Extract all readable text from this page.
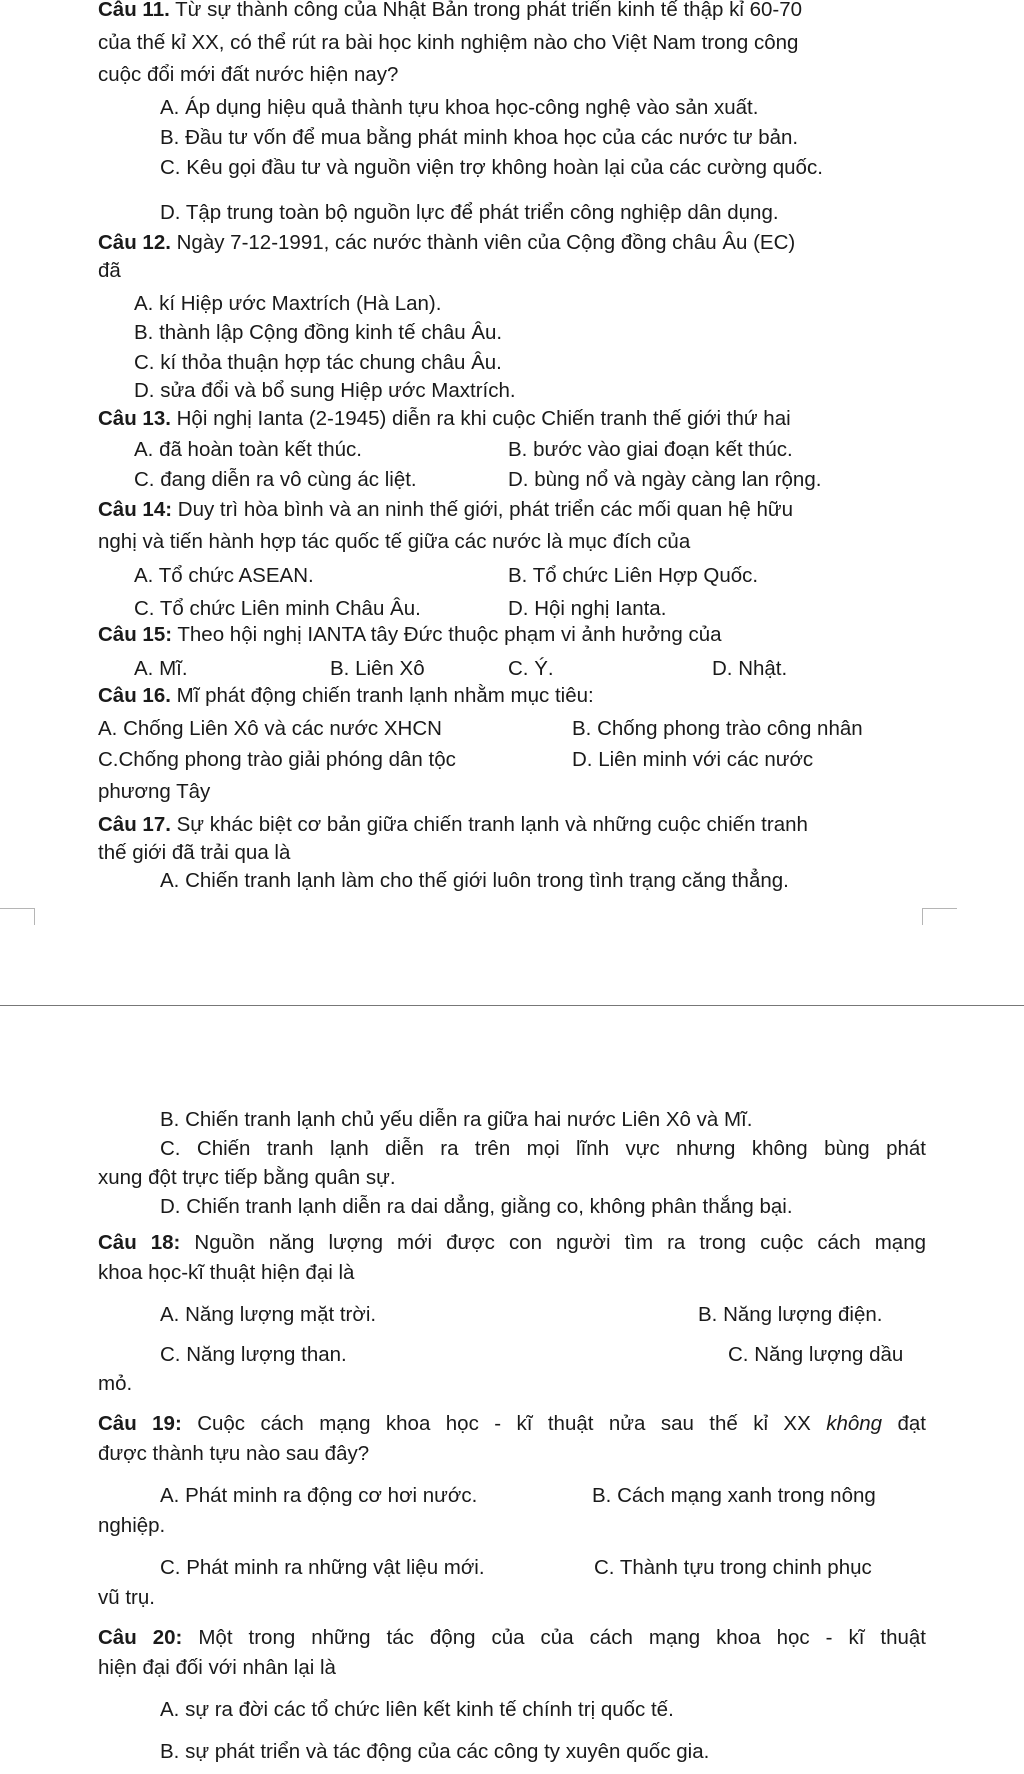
Câu 11. Từ sự thành công của Nhật Bản trong phát triển kinh tế thập kỉ 60-70
của thế kỉ XX, có thể rút ra bài học kinh nghiệm nào cho Việt Nam trong công
cuộc đổi mới đất nước hiện nay?
A. Áp dụng hiệu quả thành tựu khoa học-công nghệ vào sản xuất.
B. Đầu tư vốn để mua bằng phát minh khoa học của các nước tư bản.
C. Kêu gọi đầu tư và nguồn viện trợ không hoàn lại của các cường quốc.
D. Tập trung toàn bộ nguồn lực để phát triển công nghiệp dân dụng.
Câu 12. Ngày 7-12-1991, các nước thành viên của Cộng đồng châu Âu (EC)
đã
A. kí Hiệp ước Maxtrích (Hà Lan).
B. thành lập Cộng đồng kinh tế châu Âu.
C. kí thỏa thuận hợp tác chung châu Âu.
D. sửa đổi và bổ sung Hiệp ước Maxtrích.
Câu 13. Hội nghị Ianta (2-1945) diễn ra khi cuộc Chiến tranh thế giới thứ hai
A. đã hoàn toàn kết thúc.	B. bước vào giai đoạn kết thúc.
C. đang diễn ra vô cùng ác liệt.	D. bùng nổ và ngày càng lan rộng.
Câu 14: Duy trì hòa bình và an ninh thế giới, phát triển các mối quan hệ hữu
nghị và tiến hành hợp tác quốc tế giữa các nước là mục đích của
A. Tổ chức ASEAN.	B. Tổ chức Liên Hợp Quốc.
C. Tổ chức Liên minh Châu Âu.	D. Hội nghị Ianta.
Câu 15: Theo hội nghị IANTA tây Đức thuộc phạm vi ảnh hưởng của
A. Mĩ.	B. Liên Xô	C. Ý.	D. Nhật.
Câu 16. Mĩ phát động chiến tranh lạnh nhằm mục tiêu:
A. Chống Liên Xô và các nước XHCN	B. Chống phong trào công nhân
C.Chống phong trào giải phóng dân tộc	D. Liên minh với các nước
phương Tây
Câu 17. Sự khác biệt cơ bản giữa chiến tranh lạnh và những cuộc chiến tranh
thế giới đã trải qua là
A. Chiến tranh lạnh làm cho thế giới luôn trong tình trạng căng thẳng.
B. Chiến tranh lạnh chủ yếu diễn ra giữa hai nước Liên Xô và Mĩ.
C. Chiến tranh lạnh diễn ra trên mọi lĩnh vực nhưng không bùng phát
xung đột trực tiếp bằng quân sự.
D. Chiến tranh lạnh diễn ra dai dẳng, giằng co, không phân thắng bại.
Câu 18: Nguồn năng lượng mới được con người tìm ra trong cuộc cách mạng
khoa học-kĩ thuật hiện đại là
A. Năng lượng mặt trời.	B. Năng lượng điện.
C. Năng lượng than.	C. Năng lượng dầu
mỏ.
Câu 19: Cuộc cách mạng khoa học - kĩ thuật nửa sau thế kỉ XX không đạt
được thành tựu nào sau đây?
A. Phát minh ra động cơ hơi nước.	B. Cách mạng xanh trong nông
nghiệp.
C. Phát minh ra những vật liệu mới.	C. Thành tựu trong chinh phục
vũ trụ.
Câu 20: Một trong những tác động của của cách mạng khoa học - kĩ thuật
hiện đại đối với nhân lại là
A. sự ra đời các tổ chức liên kết kinh tế chính trị quốc tế.
B. sự phát triển và tác động của các công ty xuyên quốc gia.
